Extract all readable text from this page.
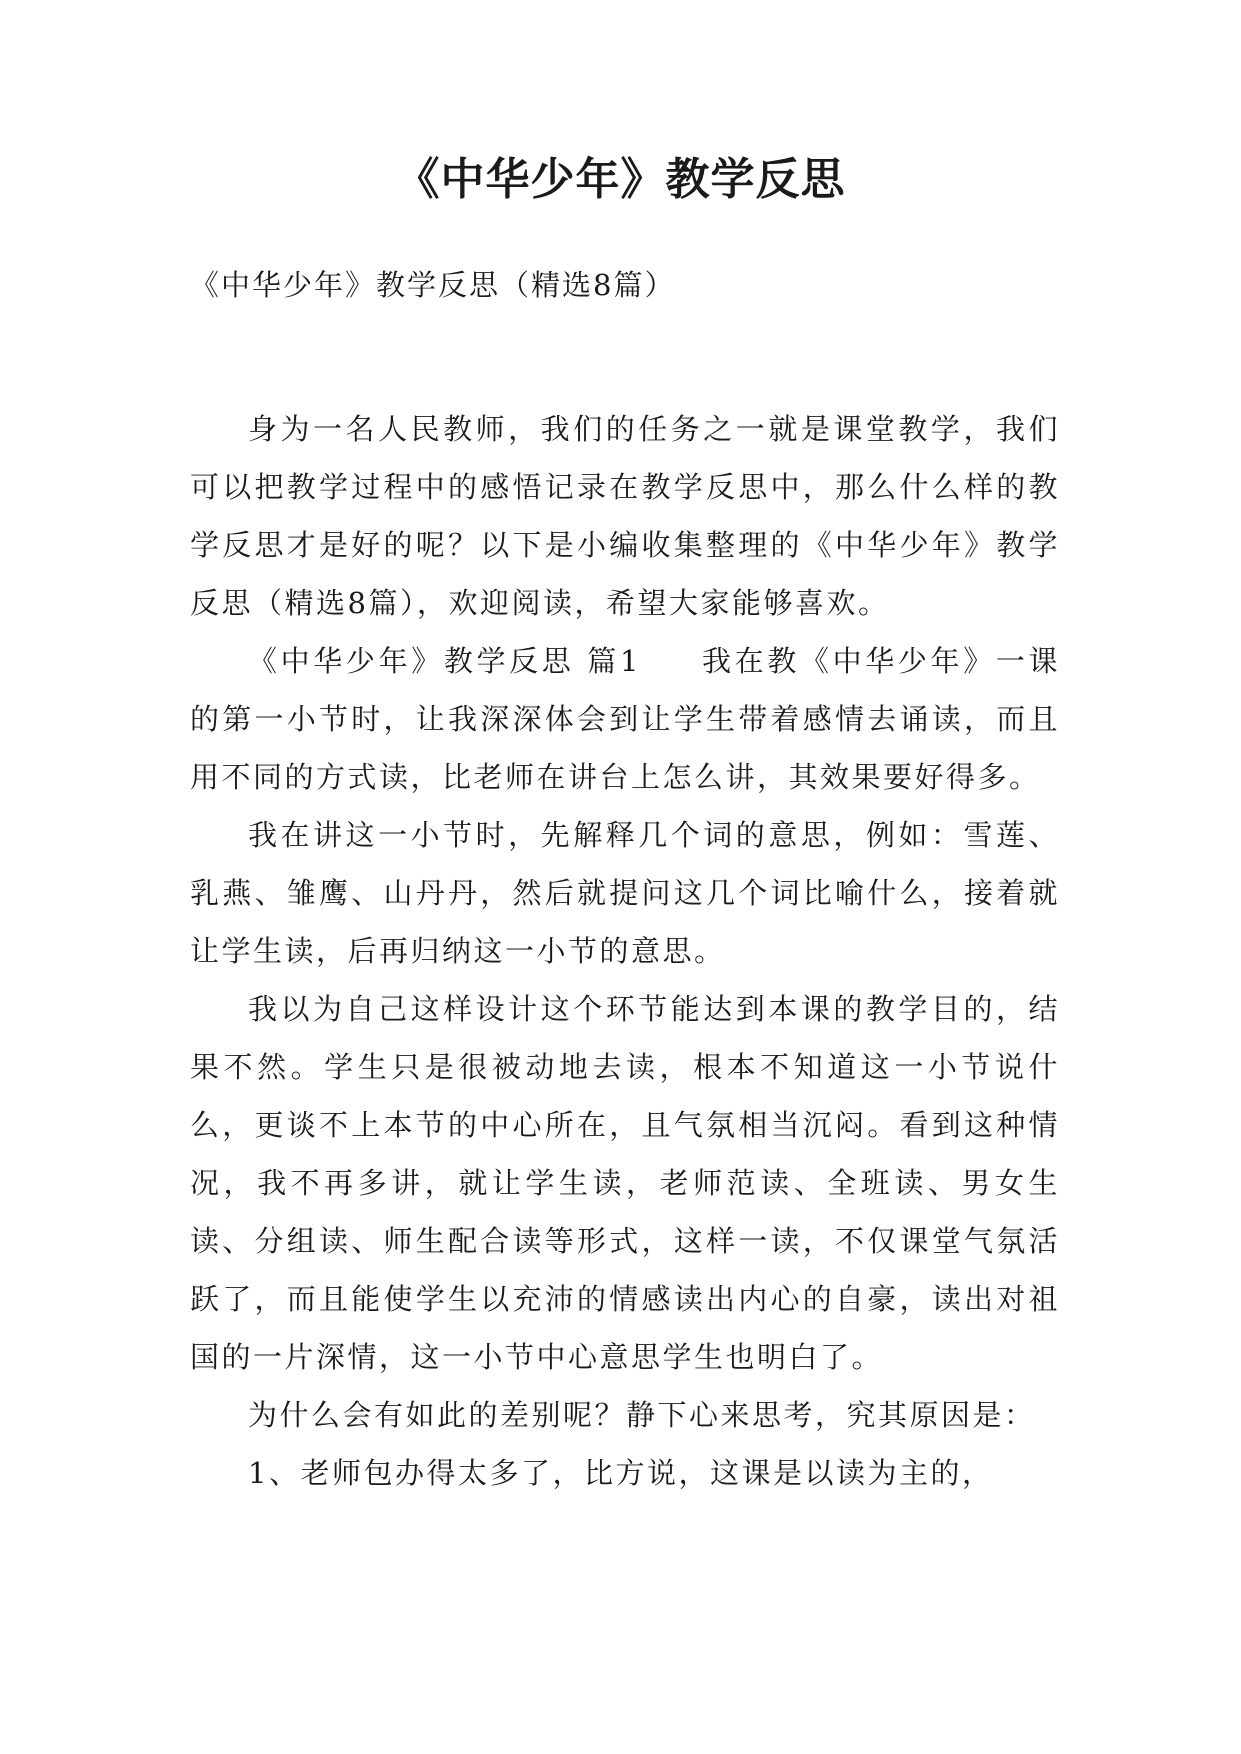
《中华少年》教学反思

《中华少年》教学反思（精选8篇）

身为一名人民教师，我们的任务之一就是课堂教学，我们可以把教学过程中的感悟记录在教学反思中，那么什么样的教学反思才是好的呢？以下是小编收集整理的《中华少年》教学反思（精选8篇），欢迎阅读，希望大家能够喜欢。

《中华少年》教学反思 篇1 我在教《中华少年》一课的第一小节时，让我深深体会到让学生带着感情去诵读，而且用不同的方式读，比老师在讲台上怎么讲，其效果要好得多。

我在讲这一小节时，先解释几个词的意思，例如：雪莲、乳燕、雏鹰、山丹丹，然后就提问这几个词比喻什么，接着就让学生读，后再归纳这一小节的意思。

我以为自己这样设计这个环节能达到本课的教学目的，结果不然。学生只是很被动地去读，根本不知道这一小节说什么，更谈不上本节的中心所在，且气氛相当沉闷。看到这种情况，我不再多讲，就让学生读，老师范读、全班读、男女生读、分组读、师生配合读等形式，这样一读，不仅课堂气氛活跃了，而且能使学生以充沛的情感读出内心的自豪，读出对祖国的一片深情，这一小节中心意思学生也明白了。

为什么会有如此的差别呢？静下心来思考，究其原因是：

1、老师包办得太多了，比方说，这课是以读为主的，
